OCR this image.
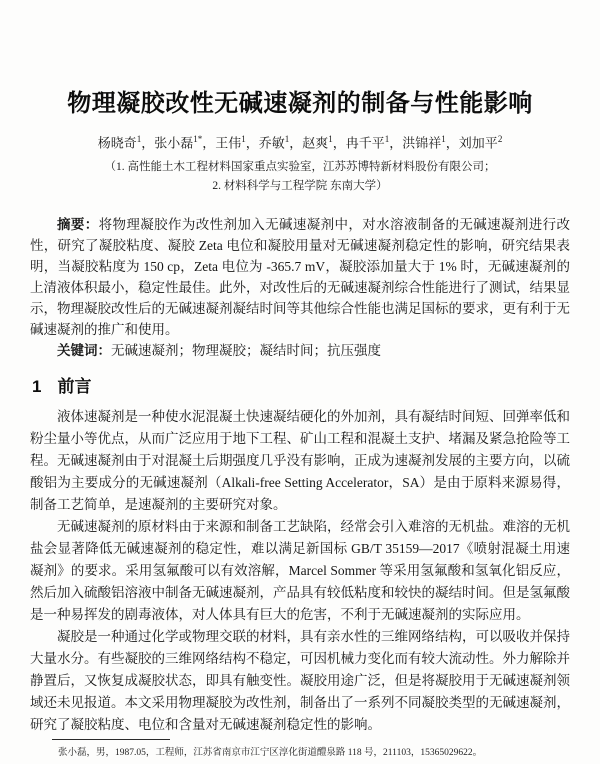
物理凝胶改性无碱速凝剂的制备与性能影响
杨晓奇$^1$，张小磊$^{1*}$，王伟$^1$，乔敏$^1$，赵爽$^1$，冉千平$^1$，洪锦祥$^1$，刘加平$^2$
（1. 高性能土木工程材料国家重点实验室，江苏苏博特新材料股份有限公司；
2. 材料科学与工程学院 东南大学）

摘要：将物理凝胶作为改性剂加入无碱速凝剂中，对水溶液制备的无碱速凝剂进行改性，研究了凝胶粘度、凝胶 Zeta 电位和凝胶用量对无碱速凝剂稳定性的影响，研究结果表明，当凝胶粘度为 150 cp，Zeta 电位为 -365.7 mV，凝胶添加量大于 1% 时，无碱速凝剂的上清液体积最小，稳定性最佳。此外，对改性后的无碱速凝剂综合性能进行了测试，结果显示，物理凝胶改性后的无碱速凝剂凝结时间等其他综合性能也满足国标的要求，更有利于无碱速凝剂的推广和使用。

关键词：无碱速凝剂；物理凝胶；凝结时间；抗压强度

1 前言

液体速凝剂是一种使水泥混凝土快速凝结硬化的外加剂，具有凝结时间短、回弹率低和粉尘量小等优点，从而广泛应用于地下工程、矿山工程和混凝土支护、堵漏及紧急抢险等工程。无碱速凝剂由于对混凝土后期强度几乎没有影响，正成为速凝剂发展的主要方向，以硫酸铝为主要成分的无碱速凝剂（Alkali-free Setting Accelerator，SA）是由于原料来源易得，制备工艺简单，是速凝剂的主要研究对象。

无碱速凝剂的原材料由于来源和制备工艺缺陷，经常会引入难溶的无机盐。难溶的无机盐会显著降低无碱速凝剂的稳定性，难以满足新国标 GB/T 35159—2017《喷射混凝土用速凝剂》的要求。采用氢氟酸可以有效溶解，Marcel Sommer 等采用氢氟酸和氢氧化铝反应，然后加入硫酸铝溶液中制备无碱速凝剂，产品具有较低粘度和较快的凝结时间。但是氢氟酸是一种易挥发的剧毒液体，对人体具有巨大的危害，不利于无碱速凝剂的实际应用。

凝胶是一种通过化学或物理交联的材料，具有亲水性的三维网络结构，可以吸收并保持大量水分。有些凝胶的三维网络结构不稳定，可因机械力变化而有较大流动性。外力解除并静置后，又恢复成凝胶状态，即具有触变性。凝胶用途广泛，但是将凝胶用于无碱速凝剂领域还未见报道。本文采用物理凝胶为改性剂，制备出了一系列不同凝胶类型的无碱速凝剂，研究了凝胶粘度、电位和含量对无碱速凝剂稳定性的影响。

张小磊，男，1987.05，工程师，江苏省南京市江宁区淳化街道醴泉路 118 号，211103，15365029622。
